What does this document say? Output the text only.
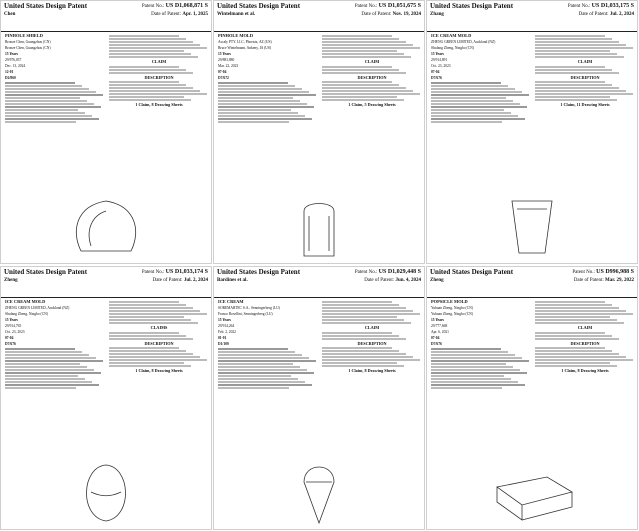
United States Design Patent
Chen
Patent No.: US D1,068,871 S
Date of Patent: Apr. 1, 2025
PINHOLE SHIELD
Bronze Chen, Guangzhou (CN)
Bronze Chen, Guangzhou (CN)
15 Years
29/976,037
Dec. 13, 2024
12-01
D2/860
CLAIM
DESCRIPTION
1 Claim, 8 Drawing Sheets
United States Design Patent
Wintelmann et al.
Patent No.: US D1,051,675 S
Date of Patent: Nov. 19, 2024
PINHOLE MOLD
Ascaly PTY. LLC, Phoenix, AZ (US)
Bruce Wintelmann, Ankeny, IA (US)
15 Years
29/883,880
Mar. 22, 2023
07-04
D7/672
CLAIM
DESCRIPTION
1 Claim, 5 Drawing Sheets
United States Design Patent
Zhang
Patent No.: US D1,033,175 S
Date of Patent: Jul. 2, 2024
ICE CREAM MOLD
ZHENG GREEN LIMITED, Auckland (NZ)
Shufang Zheng, Ningbo (CN)
15 Years
29/914,891
Oct. 23, 2023
07-04
D7/676
CLAIM
DESCRIPTION
1 Claim, 11 Drawing Sheets
United States Design Patent
Zheng
Patent No.: US D1,033,174 S
Date of Patent: Jul. 2, 2024
ICE CREAM MOLD
ZHENG GREEN LIMITED, Auckland (NZ)
Shufang Zheng, Ningbo (CN)
15 Years
29/914,765
Oct. 23, 2023
07-04
D7/676
CLAIMS
DESCRIPTION
1 Claim, 8 Drawing Sheets
United States Design Patent
Bardines et al.
Patent No.: US D1,029,448 S
Date of Patent: Jun. 4, 2024
ICE CREAM
SOREMARTEC S.A., Senningerberg (LU)
Franco Rosellini, Senningerberg (LU)
15 Years
29/914,264
Feb. 2, 2022
01-01
D1/100
CLAIM
DESCRIPTION
1 Claim, 8 Drawing Sheets
United States Design Patent
Zheng
Patent No.: US D996,988 S
Date of Patent: Mar. 29, 2022
POPSICLE MOLD
Yuhuan Zheng, Ningbo (CN)
Yuhuan Zheng, Ningbo (CN)
15 Years
29/777,668
Apr. 6, 2021
07-04
D7/676
CLAIM
DESCRIPTION
1 Claim, 8 Drawing Sheets
